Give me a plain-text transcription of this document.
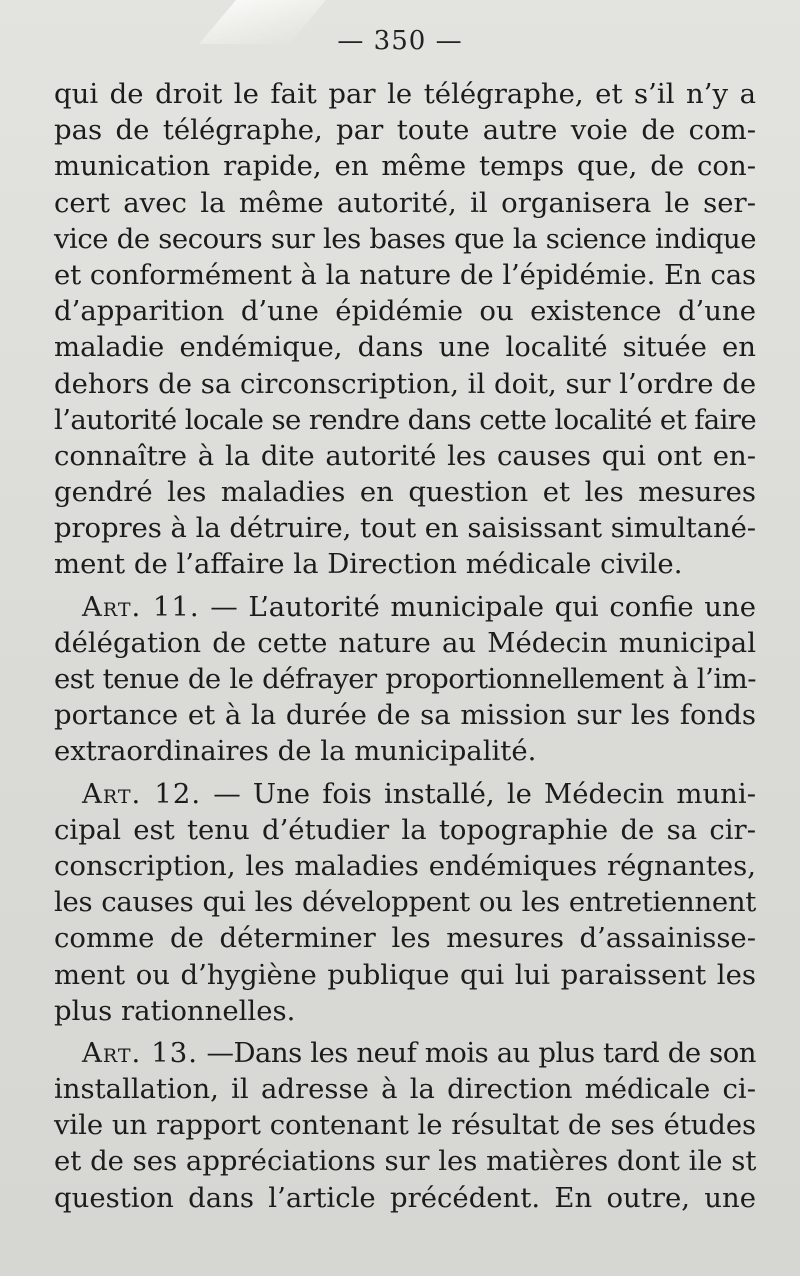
— 350 —
qui de droit le fait par le télégraphe, et s’il n’y a
pas de télégraphe, par toute autre voie de com-
munication rapide, en même temps que, de con-
cert avec la même autorité, il organisera le ser-
vice de secours sur les bases que la science indique
et conformément à la nature de l’épidémie. En cas
d’apparition d’une épidémie ou existence d’une
maladie endémique, dans une localité située en
dehors de sa circonscription, il doit, sur l’ordre de
l’autorité locale se rendre dans cette localité et faire
connaître à la dite autorité les causes qui ont en-
gendré les maladies en question et les mesures
propres à la détruire, tout en saisissant simultané-
ment de l’affaire la Direction médicale civile.
Art. 11. — L’autorité municipale qui confie une
délégation de cette nature au Médecin municipal
est tenue de le défrayer proportionnellement à l’im-
portance et à la durée de sa mission sur les fonds
extraordinaires de la municipalité.
Art. 12. — Une fois installé, le Médecin muni-
cipal est tenu d’étudier la topographie de sa cir-
conscription, les maladies endémiques régnantes,
les causes qui les développent ou les entretiennent
comme de déterminer les mesures d’assainisse-
ment ou d’hygiène publique qui lui paraissent les
plus rationnelles.
Art. 13. —Dans les neuf mois au plus tard de son
installation, il adresse à la direction médicale ci-
vile un rapport contenant le résultat de ses études
et de ses appréciations sur les matières dont ile st
question dans l’article précédent. En outre, une
